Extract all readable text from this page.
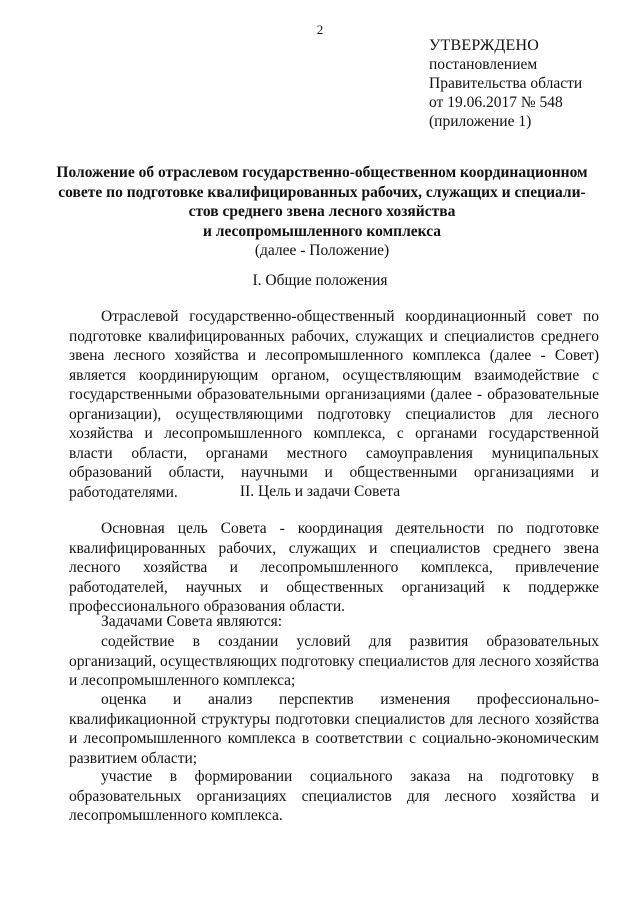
2
УТВЕРЖДЕНО
постановлением
Правительства области
от 19.06.2017 № 548
(приложение 1)
Положение об отраслевом государственно-общественном координационном
совете по подготовке квалифицированных рабочих, служащих и специали-
стов среднего звена лесного хозяйства
и лесопромышленного комплекса
(далее - Положение)
I. Общие положения

Отраслевой государственно-общественный координационный совет по подготовке квалифицированных рабочих, служащих и специалистов среднего звена лесного хозяйства и лесопромышленного комплекса (далее - Совет) является координирующим органом, осуществляющим взаимодействие с государственными образовательными организациями (далее - образовательные организации), осуществляющими подготовку специалистов для лесного хозяйства и лесопромышленного комплекса, с органами государственной власти области, органами местного самоуправления муниципальных образований области, научными и общественными организациями и работодателями.	II. Цель и задачи Совета

Основная цель Совета - координация деятельности по подготовке квалифицированных рабочих, служащих и специалистов среднего звена лесного хозяйства и лесопромышленного комплекса, привлечение работодателей, научных и общественных организаций к поддержке профессионального образования области.

Задачами Совета являются:

содействие в создании условий для развития образовательных организаций, осуществляющих подготовку специалистов для лесного хозяйства и лесопромышленного комплекса;

оценка и анализ перспектив изменения профессионально-квалификационной структуры подготовки специалистов для лесного хозяйства и лесопромышленного комплекса в соответствии с социально-экономическим развитием области;

участие в формировании социального заказа на подготовку в образовательных организациях специалистов для лесного хозяйства и лесопромышленного комплекса.
